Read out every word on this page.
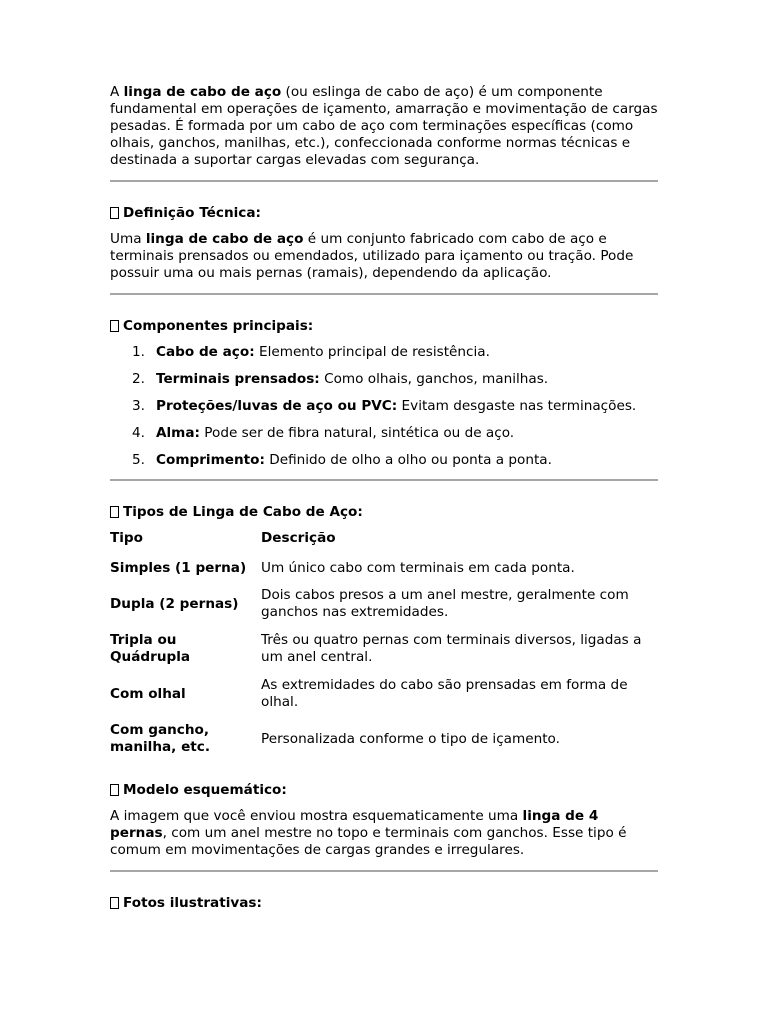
A linga de cabo de aço (ou eslinga de cabo de aço) é um componente fundamental em operações de içamento, amarração e movimentação de cargas pesadas. É formada por um cabo de aço com terminações específicas (como olhais, ganchos, manilhas, etc.), confeccionada conforme normas técnicas e destinada a suportar cargas elevadas com segurança.

Definição Técnica:

Uma linga de cabo de aço é um conjunto fabricado com cabo de aço e terminais prensados ou emendados, utilizado para içamento ou tração. Pode possuir uma ou mais pernas (ramais), dependendo da aplicação.

Componentes principais:

1. Cabo de aço: Elemento principal de resistência.
2. Terminais prensados: Como olhais, ganchos, manilhas.
3. Proteções/luvas de aço ou PVC: Evitam desgaste nas terminações.
4. Alma: Pode ser de fibra natural, sintética ou de aço.
5. Comprimento: Definido de olho a olho ou ponta a ponta.

Tipos de Linga de Cabo de Aço:

Tipo	Descrição
Simples (1 perna)	Um único cabo com terminais em cada ponta.
Dupla (2 pernas)	Dois cabos presos a um anel mestre, geralmente com ganchos nas extremidades.
Tripla ou Quádrupla	Três ou quatro pernas com terminais diversos, ligadas a um anel central.
Com olhal	As extremidades do cabo são prensadas em forma de olhal.
Com gancho, manilha, etc.	Personalizada conforme o tipo de içamento.

Modelo esquemático:

A imagem que você enviou mostra esquematicamente uma linga de 4 pernas, com um anel mestre no topo e terminais com ganchos. Esse tipo é comum em movimentações de cargas grandes e irregulares.

Fotos ilustrativas:
